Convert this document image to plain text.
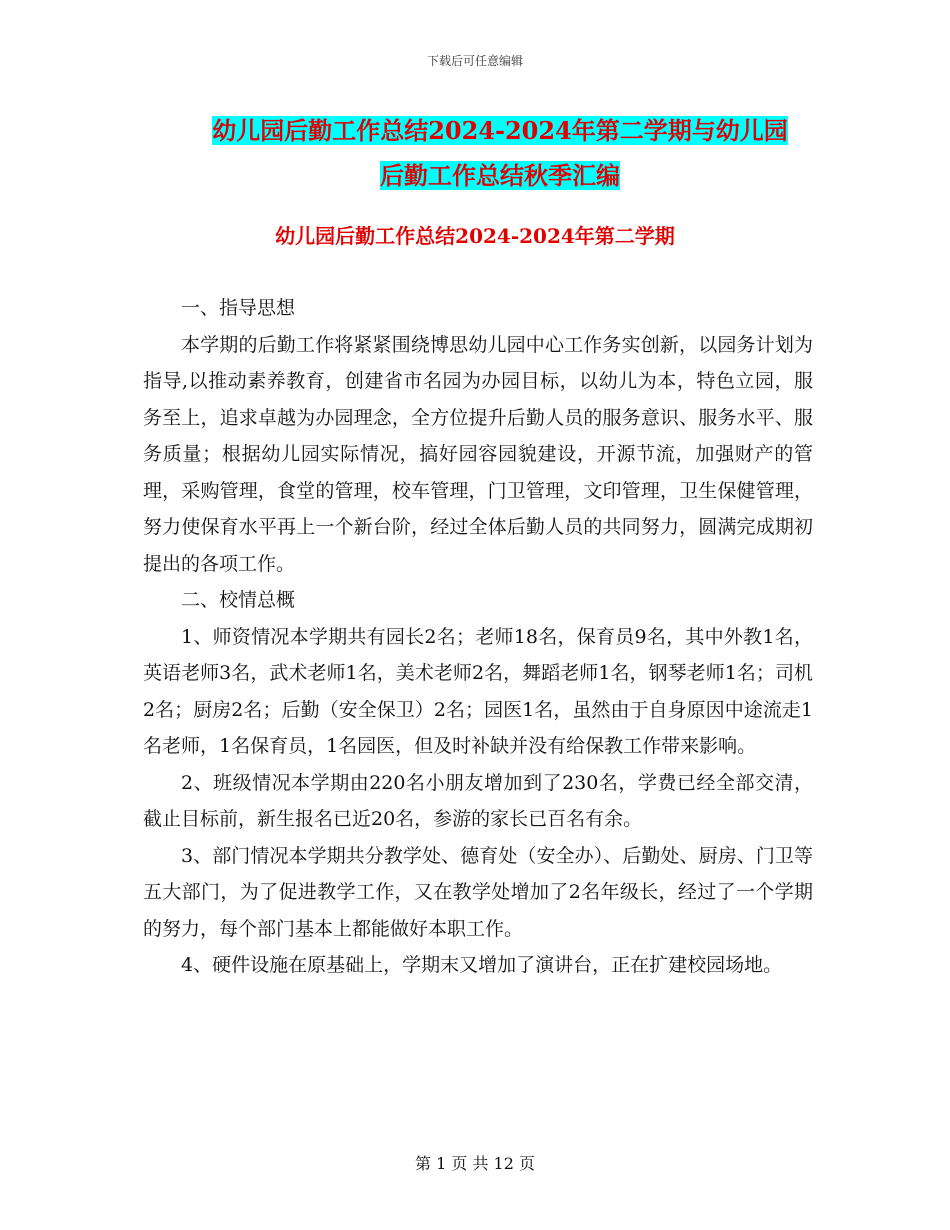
下载后可任意编辑
幼儿园后勤工作总结2024-2024年第二学期与幼儿园
后勤工作总结秋季汇编
幼儿园后勤工作总结2024-2024年第二学期

一、指导思想

本学期的后勤工作将紧紧围绕博思幼儿园中心工作务实创新，以园务计划为指导,以推动素养教育，创建省市名园为办园目标，以幼儿为本，特色立园，服务至上，追求卓越为办园理念，全方位提升后勤人员的服务意识、服务水平、服务质量；根据幼儿园实际情况，搞好园容园貌建设，开源节流，加强财产的管理，采购管理，食堂的管理，校车管理，门卫管理，文印管理，卫生保健管理，努力使保育水平再上一个新台阶，经过全体后勤人员的共同努力，圆满完成期初提出的各项工作。

二、校情总概

1、师资情况本学期共有园长2名；老师18名，保育员9名，其中外教1名，英语老师3名，武术老师1名，美术老师2名，舞蹈老师1名，钢琴老师1名；司机2名；厨房2名；后勤（安全保卫）2名；园医1名，虽然由于自身原因中途流走1名老师，1名保育员，1名园医，但及时补缺并没有给保教工作带来影响。

2、班级情况本学期由220名小朋友增加到了230名，学费已经全部交清，截止目标前，新生报名已近20名，参游的家长已百名有余。

3、部门情况本学期共分教学处、德育处（安全办）、后勤处、厨房、门卫等五大部门，为了促进教学工作，又在教学处增加了2名年级长，经过了一个学期的努力，每个部门基本上都能做好本职工作。

4、硬件设施在原基础上，学期末又增加了演讲台，正在扩建校园场地。

第 1 页 共 12 页
